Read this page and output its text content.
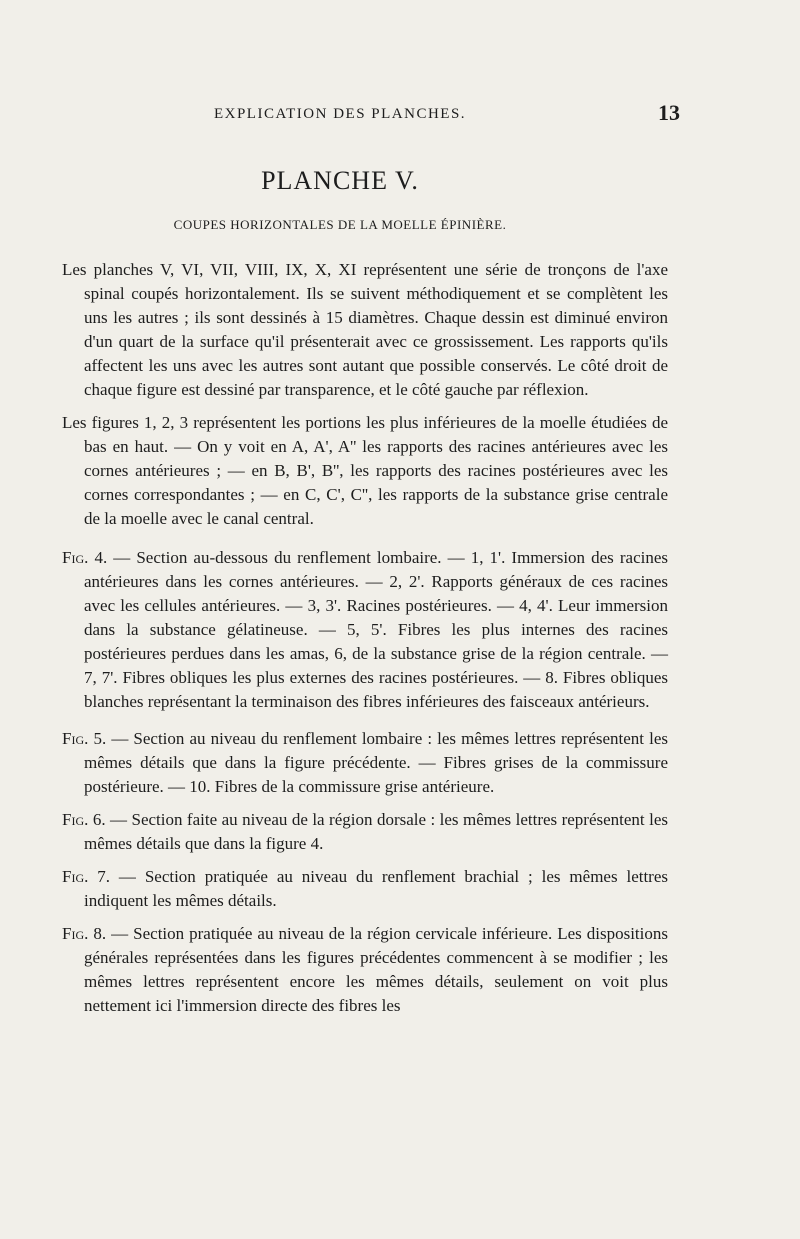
EXPLICATION DES PLANCHES.	13
PLANCHE V.
COUPES HORIZONTALES DE LA MOELLE ÉPINIÈRE.

Les planches V, VI, VII, VIII, IX, X, XI représentent une série de tronçons de l'axe spinal coupés horizontalement. Ils se suivent méthodiquement et se complètent les uns les autres ; ils sont dessinés à 15 diamètres. Chaque dessin est diminué environ d'un quart de la surface qu'il présenterait avec ce grossissement. Les rapports qu'ils affectent les uns avec les autres sont autant que possible conservés. Le côté droit de chaque figure est dessiné par transparence, et le côté gauche par réflexion.

Les figures 1, 2, 3 représentent les portions les plus inférieures de la moelle étudiées de bas en haut. — On y voit en A, A', A'' les rapports des racines antérieures avec les cornes antérieures ; — en B, B', B'', les rapports des racines postérieures avec les cornes correspondantes ; — en C, C', C'', les rapports de la substance grise centrale de la moelle avec le canal central.

Fig. 4. — Section au-dessous du renflement lombaire. — 1, 1'. Immersion des racines antérieures dans les cornes antérieures. — 2, 2'. Rapports généraux de ces racines avec les cellules antérieures. — 3, 3'. Racines postérieures. — 4, 4'. Leur immersion dans la substance gélatineuse. — 5, 5'. Fibres les plus internes des racines postérieures perdues dans les amas, 6, de la substance grise de la région centrale. — 7, 7'. Fibres obliques les plus externes des racines postérieures. — 8. Fibres obliques blanches représentant la terminaison des fibres inférieures des faisceaux antérieurs.

Fig. 5. — Section au niveau du renflement lombaire : les mêmes lettres représentent les mêmes détails que dans la figure précédente. — Fibres grises de la commissure postérieure. — 10. Fibres de la commissure grise antérieure.

Fig. 6. — Section faite au niveau de la région dorsale : les mêmes lettres représentent les mêmes détails que dans la figure 4.

Fig. 7. — Section pratiquée au niveau du renflement brachial ; les mêmes lettres indiquent les mêmes détails.

Fig. 8. — Section pratiquée au niveau de la région cervicale inférieure. Les dispositions générales représentées dans les figures précédentes commencent à se modifier ; les mêmes lettres représentent encore les mêmes détails, seulement on voit plus nettement ici l'immersion directe des fibres les
